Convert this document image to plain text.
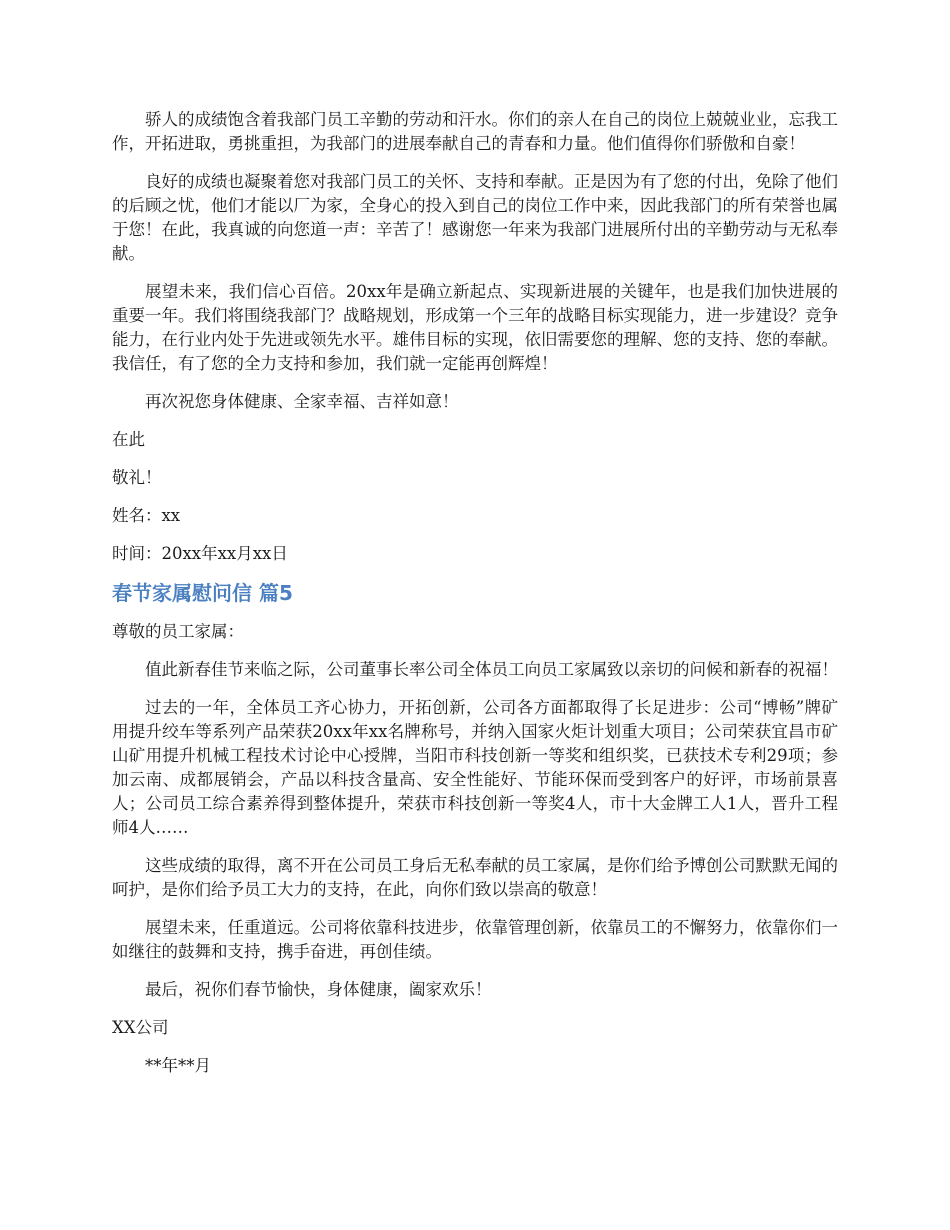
骄人的成绩饱含着我部门员工辛勤的劳动和汗水。你们的亲人在自己的岗位上兢兢业业，忘我工作，开拓进取，勇挑重担，为我部门的进展奉献自己的青春和力量。他们值得你们骄傲和自豪！

良好的成绩也凝聚着您对我部门员工的关怀、支持和奉献。正是因为有了您的付出，免除了他们的后顾之忧，他们才能以厂为家，全身心的投入到自己的岗位工作中来，因此我部门的所有荣誉也属于您！在此，我真诚的向您道一声：辛苦了！感谢您一年来为我部门进展所付出的辛勤劳动与无私奉献。

展望未来，我们信心百倍。20xx年是确立新起点、实现新进展的关键年，也是我们加快进展的重要一年。我们将围绕我部门？战略规划，形成第一个三年的战略目标实现能力，进一步建设？竞争能力，在行业内处于先进或领先水平。雄伟目标的实现，依旧需要您的理解、您的支持、您的奉献。我信任，有了您的全力支持和参加，我们就一定能再创辉煌！

再次祝您身体健康、全家幸福、吉祥如意！

在此

敬礼！

姓名：xx

时间：20xx年xx月xx日

春节家属慰问信 篇5

尊敬的员工家属：

值此新春佳节来临之际，公司董事长率公司全体员工向员工家属致以亲切的问候和新春的祝福！

过去的一年，全体员工齐心协力，开拓创新，公司各方面都取得了长足进步：公司“博畅”牌矿用提升绞车等系列产品荣获20xx年xx名牌称号，并纳入国家火炬计划重大项目；公司荣获宜昌市矿山矿用提升机械工程技术讨论中心授牌，当阳市科技创新一等奖和组织奖，已获技术专利29项；参加云南、成都展销会，产品以科技含量高、安全性能好、节能环保而受到客户的好评，市场前景喜人；公司员工综合素养得到整体提升，荣获市科技创新一等奖4人，市十大金牌工人1人，晋升工程师4人……

这些成绩的取得，离不开在公司员工身后无私奉献的员工家属，是你们给予博创公司默默无闻的呵护，是你们给予员工大力的支持，在此，向你们致以崇高的敬意！

展望未来，任重道远。公司将依靠科技进步，依靠管理创新，依靠员工的不懈努力，依靠你们一如继往的鼓舞和支持，携手奋进，再创佳绩。

最后，祝你们春节愉快，身体健康，阖家欢乐！

XX公司

**年**月
